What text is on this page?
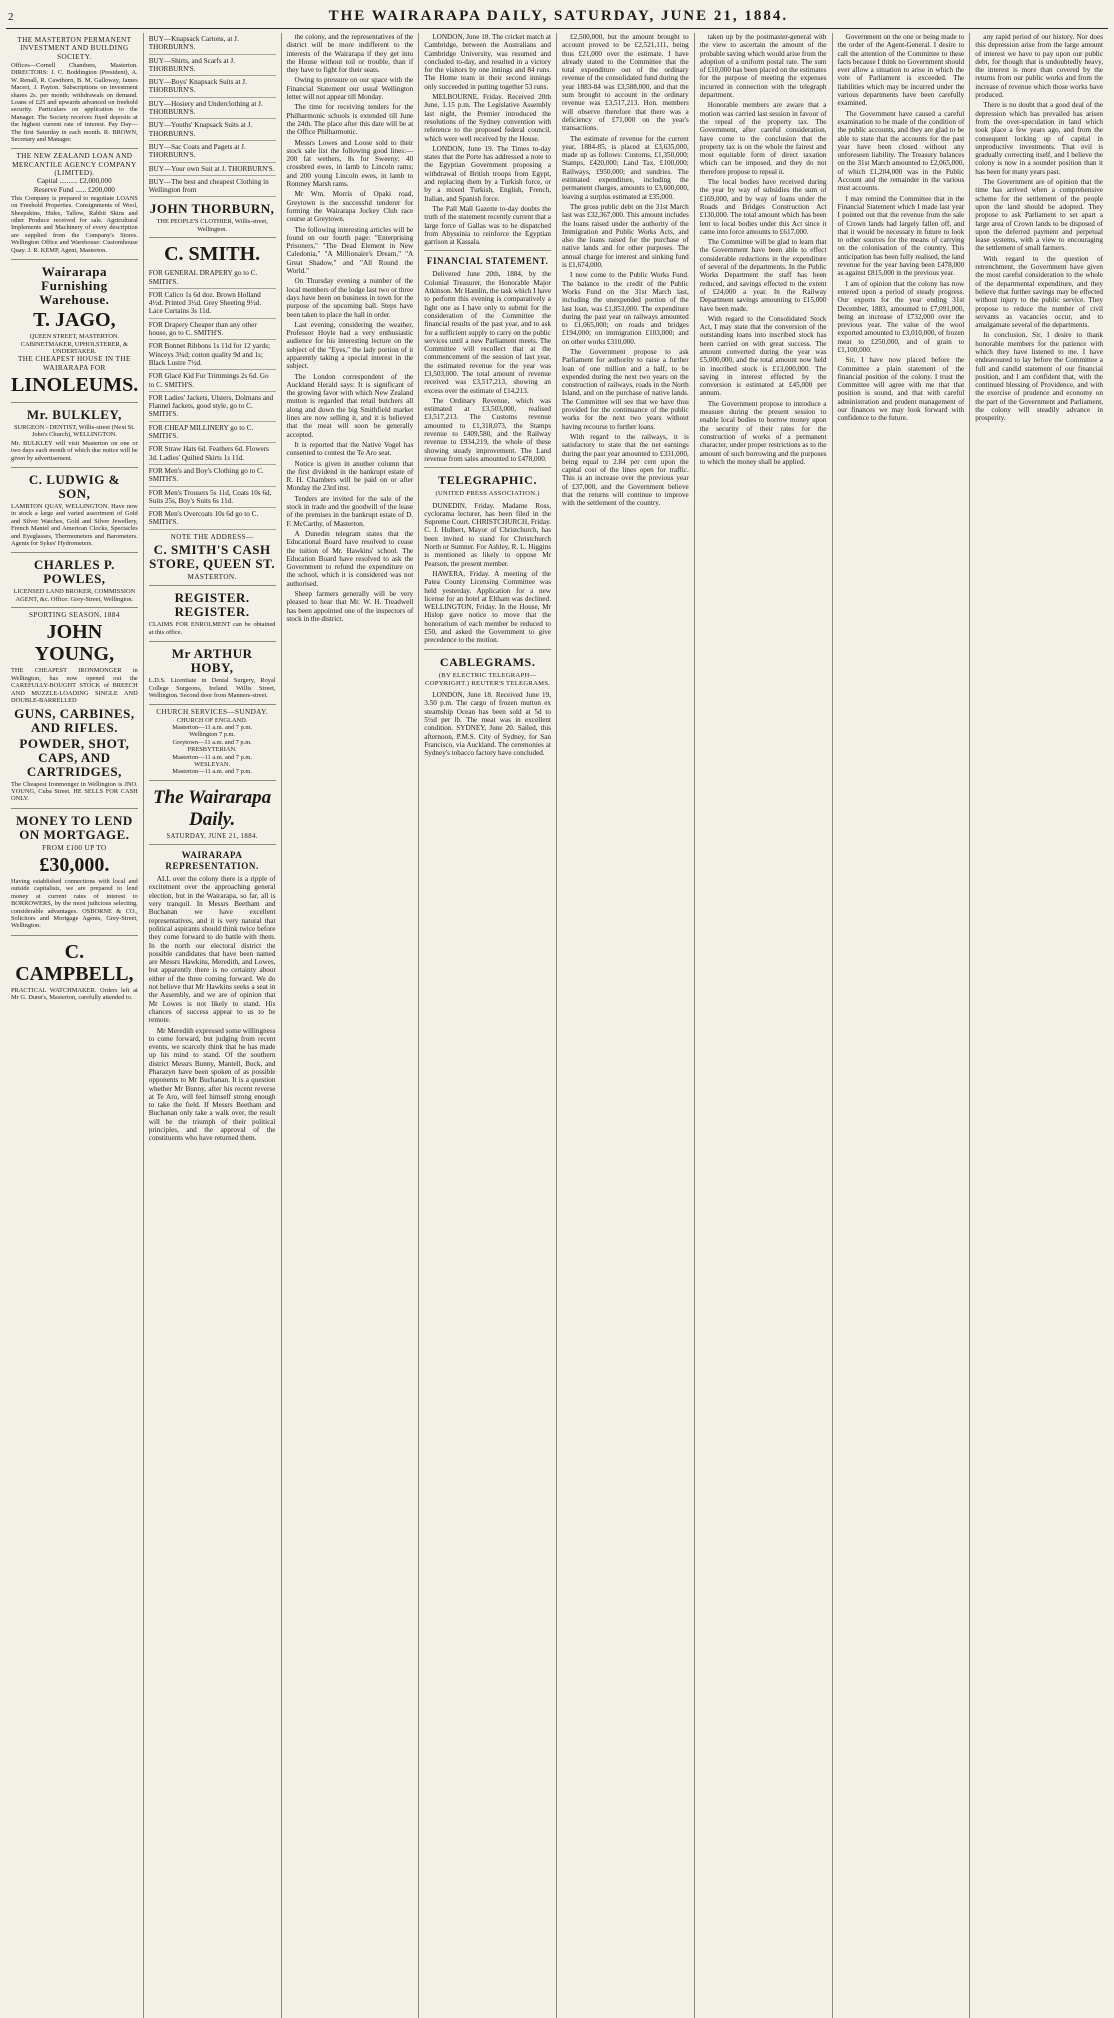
2	THE WAIRARAPA DAILY, SATURDAY, JUNE 21, 1884.

THE MASTERTON PERMANENT INVESTMENT AND BUILDING SOCIETY.

Offices—Cornell Chambers, Masterton. DIRECTORS: J. C. Boddington (President), A. W. Renall, R. Cawthorn, B. M. Galloway, James Maceri, J. Payton. Subscriptions on investment shares 2s. per month; withdrawals on demand. Loans of £25 and upwards advanced on freehold security. Particulars on application to the Manager. The Society receives fixed deposits at the highest current rate of interest. Pay Day—The first Saturday in each month. R. BROWN, Secretary and Manager.

THE NEW ZEALAND LOAN AND MERCANTILE AGENCY COMPANY (LIMITED).
Capital .......... £2,000,000
Reserve Fund ...... £200,000

This Company is prepared to negotiate LOANS on Freehold Properties. Consignments of Wool, Sheepskins, Hides, Tallow, Rabbit Skins and other Produce received for sale. Agricultural Implements and Machinery of every description are supplied from the Company's Stores. Wellington Office and Warehouse: Customhouse Quay. J. R. KEMP, Agent, Masterton.

Wairarapa Furnishing Warehouse.
T. JAGO,
QUEEN STREET, MASTERTON. CABINETMAKER, UPHOLSTERER, & UNDERTAKER.
THE CHEAPEST HOUSE IN THE WAIRARAPA FOR
LINOLEUMS.
Mr. BULKLEY,
SURGEON - DENTIST, Willis-street (Next St. John's Church), WELLINGTON.

Mr. BULKLEY will visit Masterton on one or two days each month of which due notice will be given by advertisement.

C. LUDWIG & SON,

LAMBTON QUAY, WELLINGTON. Have now in stock a large and varied assortment of Gold and Silver Watches, Gold and Silver Jewellery, French Mantel and American Clocks, Spectacles and Eyeglasses, Thermometers and Barometers. Agents for Sykes' Hydrometers.

CHARLES P. POWLES,
LICENSED LAND BROKER, COMMISSION AGENT, &c. Office: Grey-Street, Wellington.
SPORTING SEASON, 1884
JOHN YOUNG,

THE CHEAPEST IRONMONGER in Wellington, has now opened out the CAREFULLY-BOUGHT STOCK of BREECH AND MUZZLE-LOADING SINGLE AND DOUBLE-BARRELLED

GUNS, CARBINES, AND RIFLES.
POWDER, SHOT, CAPS, AND CARTRIDGES,

The Cheapest Ironmonger in Wellington is JNO. YOUNG, Cuba Street. HE SELLS FOR CASH ONLY.

MONEY TO LEND ON MORTGAGE.
FROM £100 UP TO
£30,000.

Having established connections with local and outside capitalists, we are prepared to lend money at current rates of interest to BORROWERS, by the most judicious selecting, considerable advantages. OSBORNE & CO., Solicitors and Mortgage Agents, Grey-Street, Wellington.

C. CAMPBELL,

PRACTICAL WATCHMAKER. Orders left at Mr G. Dunn's, Masterton, carefully attended to.

BUY—Knapsack Cartons, at J. THORBURN'S.
BUY—Shirts, and Scarfs at J. THORBURN'S.
BUY—Boys' Knapsack Suits at J. THORBURN'S.
BUY—Hosiery and Underclothing at J. THORBURN'S.
BUY—Youths' Knapsack Suits at J. THORBURN'S.
BUY—Sac Coats and Pagets at J. THORBURN'S.
BUY—Your own Suit at J. THORBURN'S.
BUY—The best and cheapest Clothing in Wellington from
JOHN THORBURN,
THE PEOPLE'S CLOTHIER, Willis-street, Wellington.
C. SMITH.
FOR GENERAL DRAPERY go to C. SMITH'S.
FOR Calico 1s 6d doz. Brown Holland 4½d. Printed 3½d. Grey Sheeting 9½d. Lace Curtains 3s 11d.
FOR Drapery Cheaper than any other house, go to C. SMITH'S.
FOR Bonnet Ribbons 1s 11d for 12 yards; Winceys 3¾d; cotton quality 9d and 1s; Black Lustre 7½d.
FOR Glacé Kid Fur Trimmings 2s 6d. Go to C. SMITH'S.
FOR Ladies' Jackets, Ulsters, Dolmans and Flannel Jackets, good style, go to C. SMITH'S.
FOR CHEAP MILLINERY go to C. SMITH'S.
FOR Straw Hats 6d. Feathers 6d. Flowers 3d. Ladies' Quilted Skirts 1s 11d.
FOR Men's and Boy's Clothing go to C. SMITH'S.
FOR Men's Trousers 5s 11d, Coats 10s 6d, Suits 25s, Boy's Suits 6s 11d.
FOR Men's Overcoats 10s 6d go to C. SMITH'S.
NOTE THE ADDRESS—
C. SMITH'S CASH STORE, QUEEN ST.
MASTERTON.
REGISTER. REGISTER.

CLAIMS FOR ENROLMENT can be obtained at this office.

Mr ARTHUR HOBY,

L.D.S. Licentiate in Dental Surgery, Royal College Surgeons, Ireland. Willis Street, Wellington. Second door from Manners-street.

CHURCH SERVICES—SUNDAY.
CHURCH OF ENGLAND.
Masterton—11 a.m. and 7 p.m.
Wellington 7 p.m.
Greytown—11 a.m. and 7 p.m.
PRESBYTERIAN.
Masterton—11 a.m. and 7 p.m.
WESLEYAN.
Masterton—11 a.m. and 7 p.m.
The Wairarapa Daily.
SATURDAY, JUNE 21, 1884.
WAIRARAPA REPRESENTATION.

ALL over the colony there is a ripple of excitement over the approaching general election, but in the Wairarapa, so far, all is very tranquil. In Messrs Beetham and Buchanan we have excellent representatives, and it is very natural that political aspirants should think twice before they come forward to do battle with them. In the north our electoral district the possible candidates that have been named are Messrs Hawkins, Meredith, and Lowes, but apparently there is no certainty about either of the three coming forward. We do not believe that Mr Hawkins seeks a seat in the Assembly, and we are of opinion that Mr Lowes is not likely to stand. His chances of success appear to us to be remote.

Mr Meredith expressed some willingness to come forward, but judging from recent events, we scarcely think that he has made up his mind to stand. Of the southern district Messrs Bunny, Mantell, Buck, and Pharazyn have been spoken of as possible opponents to Mr Buchanan. It is a question whether Mr Bunny, after his recent reverse at Te Aro, will feel himself strong enough to take the field. If Messrs Beetham and Buchanan only take a walk over, the result will be the triumph of their political principles, and the approval of the constituents who have returned them.

the colony, and the representatives of the district will be more indifferent to the interests of the Wairarapa if they get into the House without toil or trouble, than if they have to fight for their seats.

Owing to pressure on our space with the Financial Statement our usual Wellington letter will not appear till Monday.

The time for receiving tenders for the Philharmonic schools is extended till June the 24th. The place after this date will be at the Office Philharmonic.

Messrs Lowes and Loose sold to their stock sale list the following good lines:—200 fat wethers, 8s for Sweeny; 40 crossbred ewes, in lamb to Lincoln rams; and 200 young Lincoln ewes, in lamb to Romney Marsh rams.

Mr Wm. Morris of Opaki road, Greytown is the successful tenderer for forming the Wairarapa Jockey Club race course at Greytown.

The following interesting articles will be found on our fourth page: "Enterprising Prisoners," "The Dead Element in New Caledonia," "A Millionaire's Dream," "A Great Shadow," and "All Round the World."

On Thursday evening a number of the local members of the lodge last two or three days have been on business in town for the purpose of the upcoming ball. Steps have been taken to place the hall in order.

Last evening, considering the weather, Professor Hoyle had a very enthusiastic audience for his interesting lecture on the subject of the "Eyes," the lady portion of it apparently taking a special interest in the subject.

The London correspondent of the Auckland Herald says: It is significant of the growing favor with which New Zealand mutton is regarded that retail butchers all along and down the big Smithfield market lines are now selling it, and it is believed that the meat will soon be generally accepted.

It is reported that the Native Vogel has consented to contest the Te Aro seat.

Notice is given in another column that the first dividend in the bankrupt estate of R. H. Chambers will be paid on or after Monday the 23rd inst.

Tenders are invited for the sale of the stock in trade and the goodwill of the lease of the premises in the bankrupt estate of D. F. McCarthy, of Masterton.

A Dunedin telegram states that the Educational Board have resolved to cease the tuition of Mr. Hawkins' school. The Education Board have resolved to ask the Government to refund the expenditure on the school, which it is considered was not authorised.

Sheep farmers generally will be very pleased to hear that Mr. W. H. Treadwell has been appointed one of the inspectors of stock in the district.

LONDON, June 18. The cricket match at Cambridge, between the Australians and Cambridge University, was resumed and concluded to-day, and resulted in a victory for the visitors by one innings and 84 runs. The Home team in their second innings only succeeded in putting together 53 runs.

MELBOURNE, Friday. Received 20th June, 1.15 p.m. The Legislative Assembly last night, the Premier introduced the resolutions of the Sydney convention with reference to the proposed federal council, which were well received by the House.

LONDON, June 19. The Times to-day states that the Porte has addressed a note to the Egyptian Government proposing a withdrawal of British troops from Egypt, and replacing them by a Turkish force, or by a mixed Turkish, English, French, Italian, and Spanish force.

The Pall Mall Gazette to-day doubts the truth of the statement recently current that a large force of Gallas was to be dispatched from Abyssinia to reinforce the Egyptian garrison at Kassala.

FINANCIAL STATEMENT.

Delivered June 20th, 1884, by the Colonial Treasurer, the Honorable Major Atkinson. Mr Hamlin, the task which I have to perform this evening is comparatively a light one as I have only to submit for the consideration of the Committee the financial results of the past year, and to ask for a sufficient supply to carry on the public services until a new Parliament meets. The Committee will recollect that at the commencement of the session of last year, the estimated revenue for the year was £3,503,000. The total amount of revenue received was £3,517,213, showing an excess over the estimate of £14,213.

The Ordinary Revenue, which was estimated at £3,503,000, realised £3,517,213. The Customs revenue amounted to £1,318,073, the Stamps revenue to £409,580, and the Railway revenue to £934,219, the whole of these showing steady improvement. The Land revenue from sales amounted to £478,000.

TELEGRAPHIC.
(UNITED PRESS ASSOCIATION.)

DUNEDIN, Friday. Madame Ross, cyclorama lecturer, has been filed in the Supreme Court. CHRISTCHURCH, Friday. C. J. Hulbert, Mayor of Christchurch, has been invited to stand for Christchurch North or Sumner. For Ashley, R. L. Higgins is mentioned as likely to oppose Mr Pearson, the present member.

HAWERA, Friday. A meeting of the Patea County Licensing Committee was held yesterday. Application for a new license for an hotel at Eltham was declined. WELLINGTON, Friday. In the House, Mr Hislop gave notice to move that the honorarium of each member be reduced to £50, and asked the Government to give precedence to the motion.

CABLEGRAMS.
(BY ELECTRIC TELEGRAPH—COPYRIGHT.) REUTER'S TELEGRAMS.

LONDON, June 18. Received June 19, 3.50 p.m. The cargo of frozen mutton ex steamship Ocean has been sold at 5d to 5½d per lb. The meat was in excellent condition. SYDNEY, June 20. Sailed, this afternoon, P.M.S. City of Sydney, for San Francisco, via Auckland. The ceremonies at Sydney's tobacco factory have concluded.

£2,500,000, but the amount brought to account proved to be £2,521,111, being thus £21,000 over the estimate. I have already stated to the Committee that the total expenditure out of the ordinary revenue of the consolidated fund during the year 1883-84 was £3,588,000, and that the sum brought to account in the ordinary revenue was £3,517,213. Hon. members will observe therefore that there was a deficiency of £71,000 on the year's transactions.

The estimate of revenue for the current year, 1884-85, is placed at £3,635,000, made up as follows: Customs, £1,350,000; Stamps, £420,000; Land Tax, £100,000; Railways, £950,000; and sundries. The estimated expenditure, including the permanent charges, amounts to £3,600,000, leaving a surplus estimated at £35,000.

The gross public debt on the 31st March last was £32,367,000. This amount includes the loans raised under the authority of the Immigration and Public Works Acts, and also the loans raised for the purchase of native lands and for other purposes. The annual charge for interest and sinking fund is £1,674,000.

I now come to the Public Works Fund. The balance to the credit of the Public Works Fund on the 31st March last, including the unexpended portion of the last loan, was £1,853,000. The expenditure during the past year on railways amounted to £1,065,000; on roads and bridges £194,000; on immigration £103,000; and on other works £310,000.

The Government propose to ask Parliament for authority to raise a further loan of one million and a half, to be expended during the next two years on the construction of railways, roads in the North Island, and on the purchase of native lands. The Committee will see that we have thus provided for the continuance of the public works for the next two years without having recourse to further loans.

With regard to the railways, it is satisfactory to state that the net earnings during the past year amounted to £331,000, being equal to 2.84 per cent upon the capital cost of the lines open for traffic. This is an increase over the previous year of £37,000, and the Government believe that the returns will continue to improve with the settlement of the country.

taken up by the postmaster-general with the view to ascertain the amount of the probable saving which would arise from the adoption of a uniform postal rate. The sum of £10,000 has been placed on the estimates for the purpose of meeting the expenses incurred in connection with the telegraph department.

Honorable members are aware that a motion was carried last session in favour of the repeal of the property tax. The Government, after careful consideration, have come to the conclusion that the property tax is on the whole the fairest and most equitable form of direct taxation which can be imposed, and they do not therefore propose to repeal it.

The local bodies have received during the year by way of subsidies the sum of £169,000, and by way of loans under the Roads and Bridges Construction Act £130,000. The total amount which has been lent to local bodies under this Act since it came into force amounts to £617,000.

The Committee will be glad to learn that the Government have been able to effect considerable reductions in the expenditure of several of the departments. In the Public Works Department the staff has been reduced, and savings effected to the extent of £24,000 a year. In the Railway Department savings amounting to £15,000 have been made.

With regard to the Consolidated Stock Act, I may state that the conversion of the outstanding loans into inscribed stock has been carried on with great success. The amount converted during the year was £5,000,000, and the total amount now held in inscribed stock is £13,000,000. The saving in interest effected by the conversion is estimated at £45,000 per annum.

The Government propose to introduce a measure during the present session to enable local bodies to borrow money upon the security of their rates for the construction of works of a permanent character, under proper restrictions as to the amount of such borrowing and the purposes to which the money shall be applied.

Government on the one or being made to the order of the Agent-General. I desire to call the attention of the Committee to these facts because I think no Government should ever allow a situation to arise in which the vote of Parliament is exceeded. The liabilities which may be incurred under the various departments have been carefully examined.

The Government have caused a careful examination to be made of the condition of the public accounts, and they are glad to be able to state that the accounts for the past year have been closed without any unforeseen liability. The Treasury balances on the 31st March amounted to £2,065,000, of which £1,204,000 was in the Public Account and the remainder in the various trust accounts.

I may remind the Committee that in the Financial Statement which I made last year I pointed out that the revenue from the sale of Crown lands had largely fallen off, and that it would be necessary in future to look to other sources for the means of carrying on the colonisation of the country. This anticipation has been fully realised, the land revenue for the year having been £478,000 as against £815,000 in the previous year.

I am of opinion that the colony has now entered upon a period of steady progress. Our exports for the year ending 31st December, 1883, amounted to £7,091,000, being an increase of £732,000 over the previous year. The value of the wool exported amounted to £3,010,000, of frozen meat to £250,000, and of grain to £1,100,000.

Sir, I have now placed before the Committee a plain statement of the financial position of the colony. I trust the Committee will agree with me that that position is sound, and that with careful administration and prudent management of our finances we may look forward with confidence to the future.

any rapid period of our history. Nor does this depression arise from the large amount of interest we have to pay upon our public debt, for though that is undoubtedly heavy, the interest is more than covered by the returns from our public works and from the increase of revenue which those works have produced.

There is no doubt that a good deal of the depression which has prevailed has arisen from the over-speculation in land which took place a few years ago, and from the consequent locking up of capital in unproductive investments. That evil is gradually correcting itself, and I believe the colony is now in a sounder position than it has been for many years past.

The Government are of opinion that the time has arrived when a comprehensive scheme for the settlement of the people upon the land should be adopted. They propose to ask Parliament to set apart a large area of Crown lands to be disposed of upon the deferred payment and perpetual lease systems, with a view to encouraging the settlement of small farmers.

With regard to the question of retrenchment, the Government have given the most careful consideration to the whole of the departmental expenditure, and they believe that further savings may be effected without injury to the public service. They propose to reduce the number of civil servants as vacancies occur, and to amalgamate several of the departments.

In conclusion, Sir, I desire to thank honorable members for the patience with which they have listened to me. I have endeavoured to lay before the Committee a full and candid statement of our financial position, and I am confident that, with the continued blessing of Providence, and with the exercise of prudence and economy on the part of the Government and Parliament, the colony will steadily advance in prosperity.
